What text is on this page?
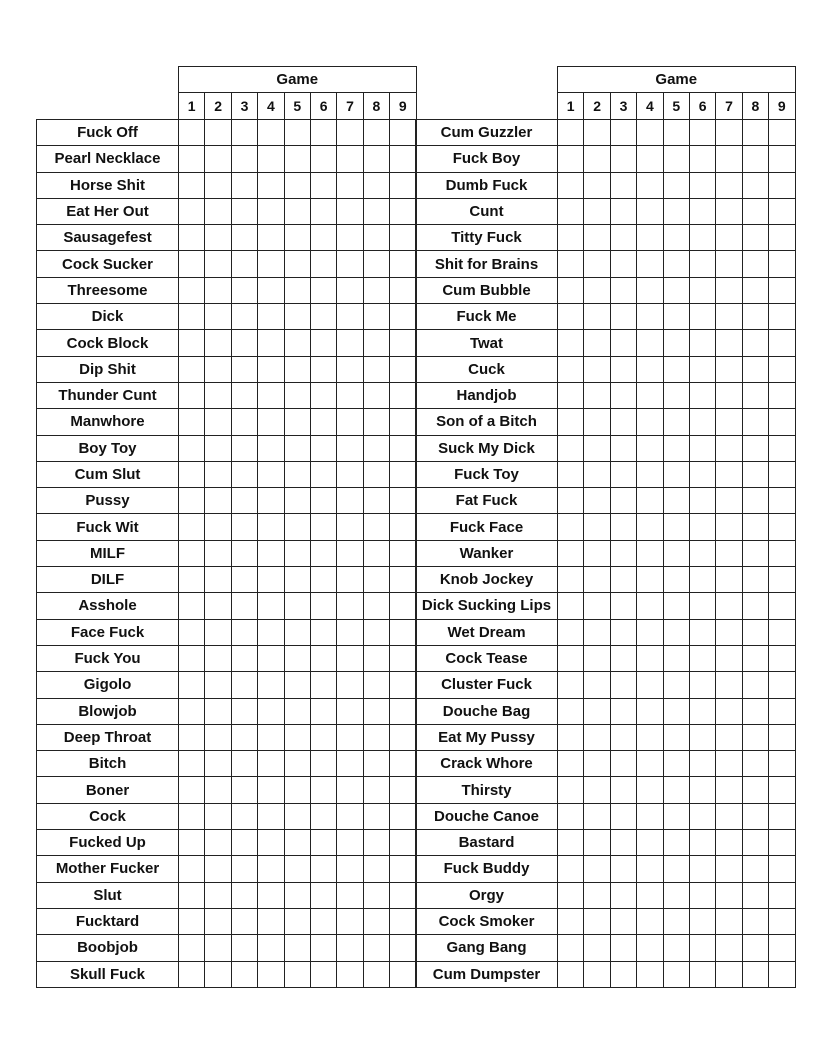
	Game								
	1	2	3	4	5	6	7	8	9
Fuck Off									
Pearl Necklace									
Horse Shit									
Eat Her Out									
Sausagefest									
Cock Sucker									
Threesome									
Dick									
Cock Block									
Dip Shit									
Thunder Cunt									
Manwhore									
Boy Toy									
Cum Slut									
Pussy									
Fuck Wit									
MILF									
DILF									
Asshole									
Face Fuck									
Fuck You									
Gigolo									
Blowjob									
Deep Throat									
Bitch									
Boner									
Cock									
Fucked Up									
Mother Fucker									
Slut									
Fucktard									
Boobjob									
Skull Fuck									
	Game								
	1	2	3	4	5	6	7	8	9
Cum Guzzler									
Fuck Boy									
Dumb Fuck									
Cunt									
Titty Fuck									
Shit for Brains									
Cum Bubble									
Fuck Me									
Twat									
Cuck									
Handjob									
Son of a Bitch									
Suck My Dick									
Fuck Toy									
Fat Fuck									
Fuck Face									
Wanker									
Knob Jockey									
Dick Sucking Lips									
Wet Dream									
Cock Tease									
Cluster Fuck									
Douche Bag									
Eat My Pussy									
Crack Whore									
Thirsty									
Douche Canoe									
Bastard									
Fuck Buddy									
Orgy									
Cock Smoker									
Gang Bang									
Cum Dumpster									
